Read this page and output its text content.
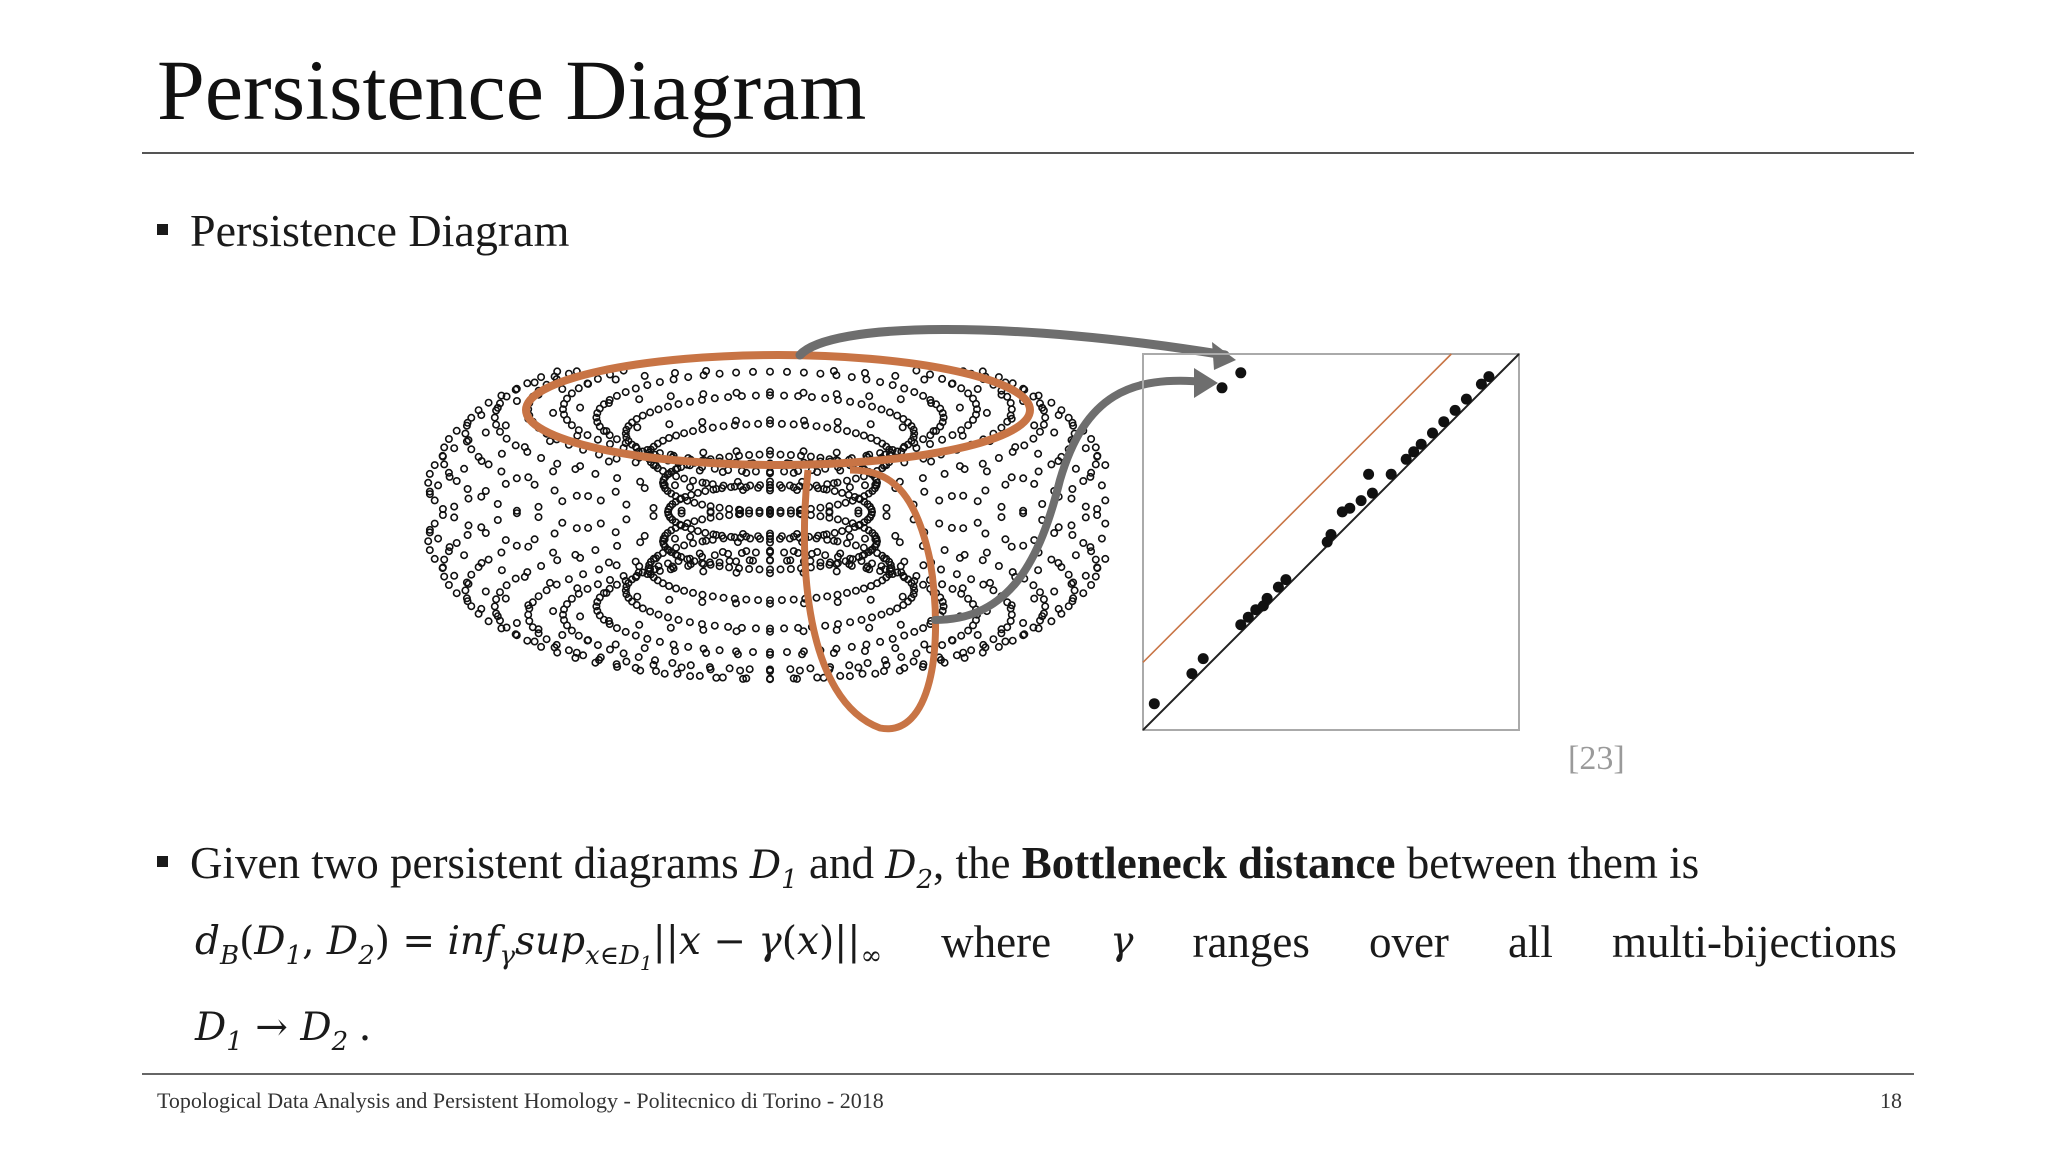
Persistence Diagram
Persistence Diagram
[23]
Given two persistent diagrams $D_1$ and $D_2$, the Bottleneck distance between them is
$d_B(D_1$, $D_2) = inf_\gamma sup_{x\in D_1}||x - \gamma(x)||_\infty$ where γ ranges over all multi-bijections
$D_1 \to D_2$ .
Topological Data Analysis and Persistent Homology - Politecnico di Torino - 2018	18
